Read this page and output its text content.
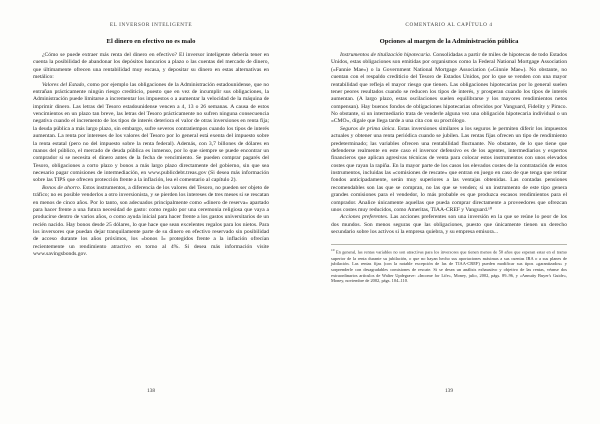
EL INVERSOR INTELIGENTE
El dinero en efectivo no es malo

¿Cómo se puede extraer más renta del dinero en efectivo? El inversor inteligente debería tener en cuenta la posibilidad de abandonar los depósitos bancarios a plazo o las cuentas del mercado de dinero, que últimamente ofrecen una rentabilidad muy escasa, y depositar su dinero en estas alternativas en metálico:

Valores del Estado, como por ejemplo las obligaciones de la Administración estadounidense, que no entrañan prácticamente ningún riesgo crediticio, puesto que en vez de incumplir sus obligaciones, la Administración puede limitarse a incrementar los impuestos o a aumentar la velocidad de la máquina de imprimir dinero. Las letras del Tesoro estadounidense vencen a 4, 13 o 26 semanas. A causa de estos vencimientos en un plazo tan breve, las letras del Tesoro prácticamente no sufren ninguna consecuencia negativa cuando el incremento de los tipos de interés deteriora el valor de otras inversiones en renta fija; la deuda pública a más largo plazo, sin embargo, sufre severos contratiempos cuando los tipos de interés aumentan. La renta por intereses de los valores del Tesoro por lo general está exenta del impuesto sobre la renta estatal (pero no del impuesto sobre la renta federal). Además, con 3,7 billones de dólares en manos del público, el mercado de deuda pública es inmenso, por lo que siempre se puede encontrar un comprador si se necesita el dinero antes de la fecha de vencimiento. Se pueden comprar pagarés del Tesoro, obligaciones a corto plazo y bonos a más largo plazo directamente del gobierno, sin que sea necesario pagar comisiones de intermediación, en www.publicdebt.treas.gov (Si desea más información sobre las TIPS que ofrecen protección frente a la inflación, lea el comentario al capítulo 2).

Bonos de ahorro. Estos instrumentos, a diferencia de los valores del Tesoro, no pueden ser objeto de tráfico; no es posible venderlos a otro inversionista, y se pierden los intereses de tres meses si se rescatan en menos de cinco años. Por lo tanto, son adecuados principalmente como «dinero de reserva» apartado para hacer frente a una futura necesidad de gasto: como regalo por una ceremonia religiosa que vaya a producirse dentro de varios años, o como ayuda inicial para hacer frente a los gastos universitarios de un recién nacido. Hay bonos desde 25 dólares, lo que hace que sean excelentes regalos para los nietos. Para los inversores que puedan dejar tranquilamente parte de su dinero en efectivo reservado sin posibilidad de acceso durante los años próximos, los «bonos I» protegidos frente a la inflación ofrecían recientemente un rendimiento atractivo en torno al 4%. Si desea más información visite www.savingsbonds.gov.

138
COMENTARIO AL CAPÍTULO 4
Opciones al margen de la Administración pública

Instrumentos de titulización hipotecaria. Consolidadas a partir de miles de hipotecas de todo Estados Unidos, estas obligaciones son emitidas por organismos como la Federal National Mortgage Association («Fannie Mae») o la Government National Mortgage Association («Ginnie Mae»). No obstante, no cuentan con el respaldo crediticio del Tesoro de Estados Unidos, por lo que se venden con una mayor rentabilidad que refleja el mayor riesgo que tienen. Las obligaciones hipotecarias por lo general suelen tener peores resultados cuando se reducen los tipos de interés, y prosperan cuando los tipos de interés aumentan. (A largo plazo, estas oscilaciones suelen equilibrarse y los mayores rendimientos netos compensan). Hay buenos fondos de obligaciones hipotecarias ofrecidos por Vanguard, Fidelity y Pimco. No obstante, si un intermediario trata de venderle alguna vez una obligación hipotecaria individual o un «CMO», dígale que llega tarde a una cita con su proctólogo.

Seguros de prima única. Estas inversiones similares a los seguros le permiten diferir los impuestos actuales y obtener una renta periódica cuando se jubilen. Las rentas fijas ofrecen un tipo de rendimiento predeterminado; las variables ofrecen una rentabilidad fluctuante. No obstante, de lo que tiene que defenderse realmente en este caso el inversor defensivo es de los agentes, intermediarios y expertos financieros que aplican agresivas técnicas de venta para colocar estos instrumentos con unos elevados costes que rayan la rapiña. En la mayor parte de los casos los elevados costes de la contratación de estos instrumentos, incluidas las «comisiones de rescate» que entran en juego en caso de que tenga que retirar fondos anticipadamente, serán muy superiores a las ventajas obtenidas. Las contadas pensiones recomendables son las que se compran, no las que se venden; si un instrumento de este tipo genera grandes comisiones para el vendedor, lo más probable es que produzca escasos rendimientos para el comprador. Analice únicamente aquellas que pueda comprar directamente a proveedores que ofrezcan unos costes muy reducidos, como Ameritas, TIAA-CREF y Vanguard.¹⁰

Acciones preferentes. Las acciones preferentes son una inversión en la que se reúne lo peor de los dos mundos. Son menos seguras que las obligaciones, puesto que únicamente tienen un derecho secundario sobre los activos si la empresa quiebra, y su empresa emisora...

$^{10}$ En general, las rentas variables no son atractivas para los inversores que tienen menos de 50 años que esperan estar en el tramo superior de la renta durante su jubilación, o que no hayan hecho sus aportaciones máximas a sus cuentas IRA o a sus planes de jubilación. Las rentas fijas (con la notable excepción de las de TIAA-CREF) pueden modificar sus tipos «garantizados» y sorprenderle con desagradables comisiones de rescate. Si se desea un análisis exhaustivo y objetivo de las rentas, véanse dos extraordinarios artículos de Walter Updegrave: «Income for Life», Money, julio, 2002, págs. 89–96, y «Annuity Buyer's Guide», Money, noviembre de 2002, págs. 104–110.
139
